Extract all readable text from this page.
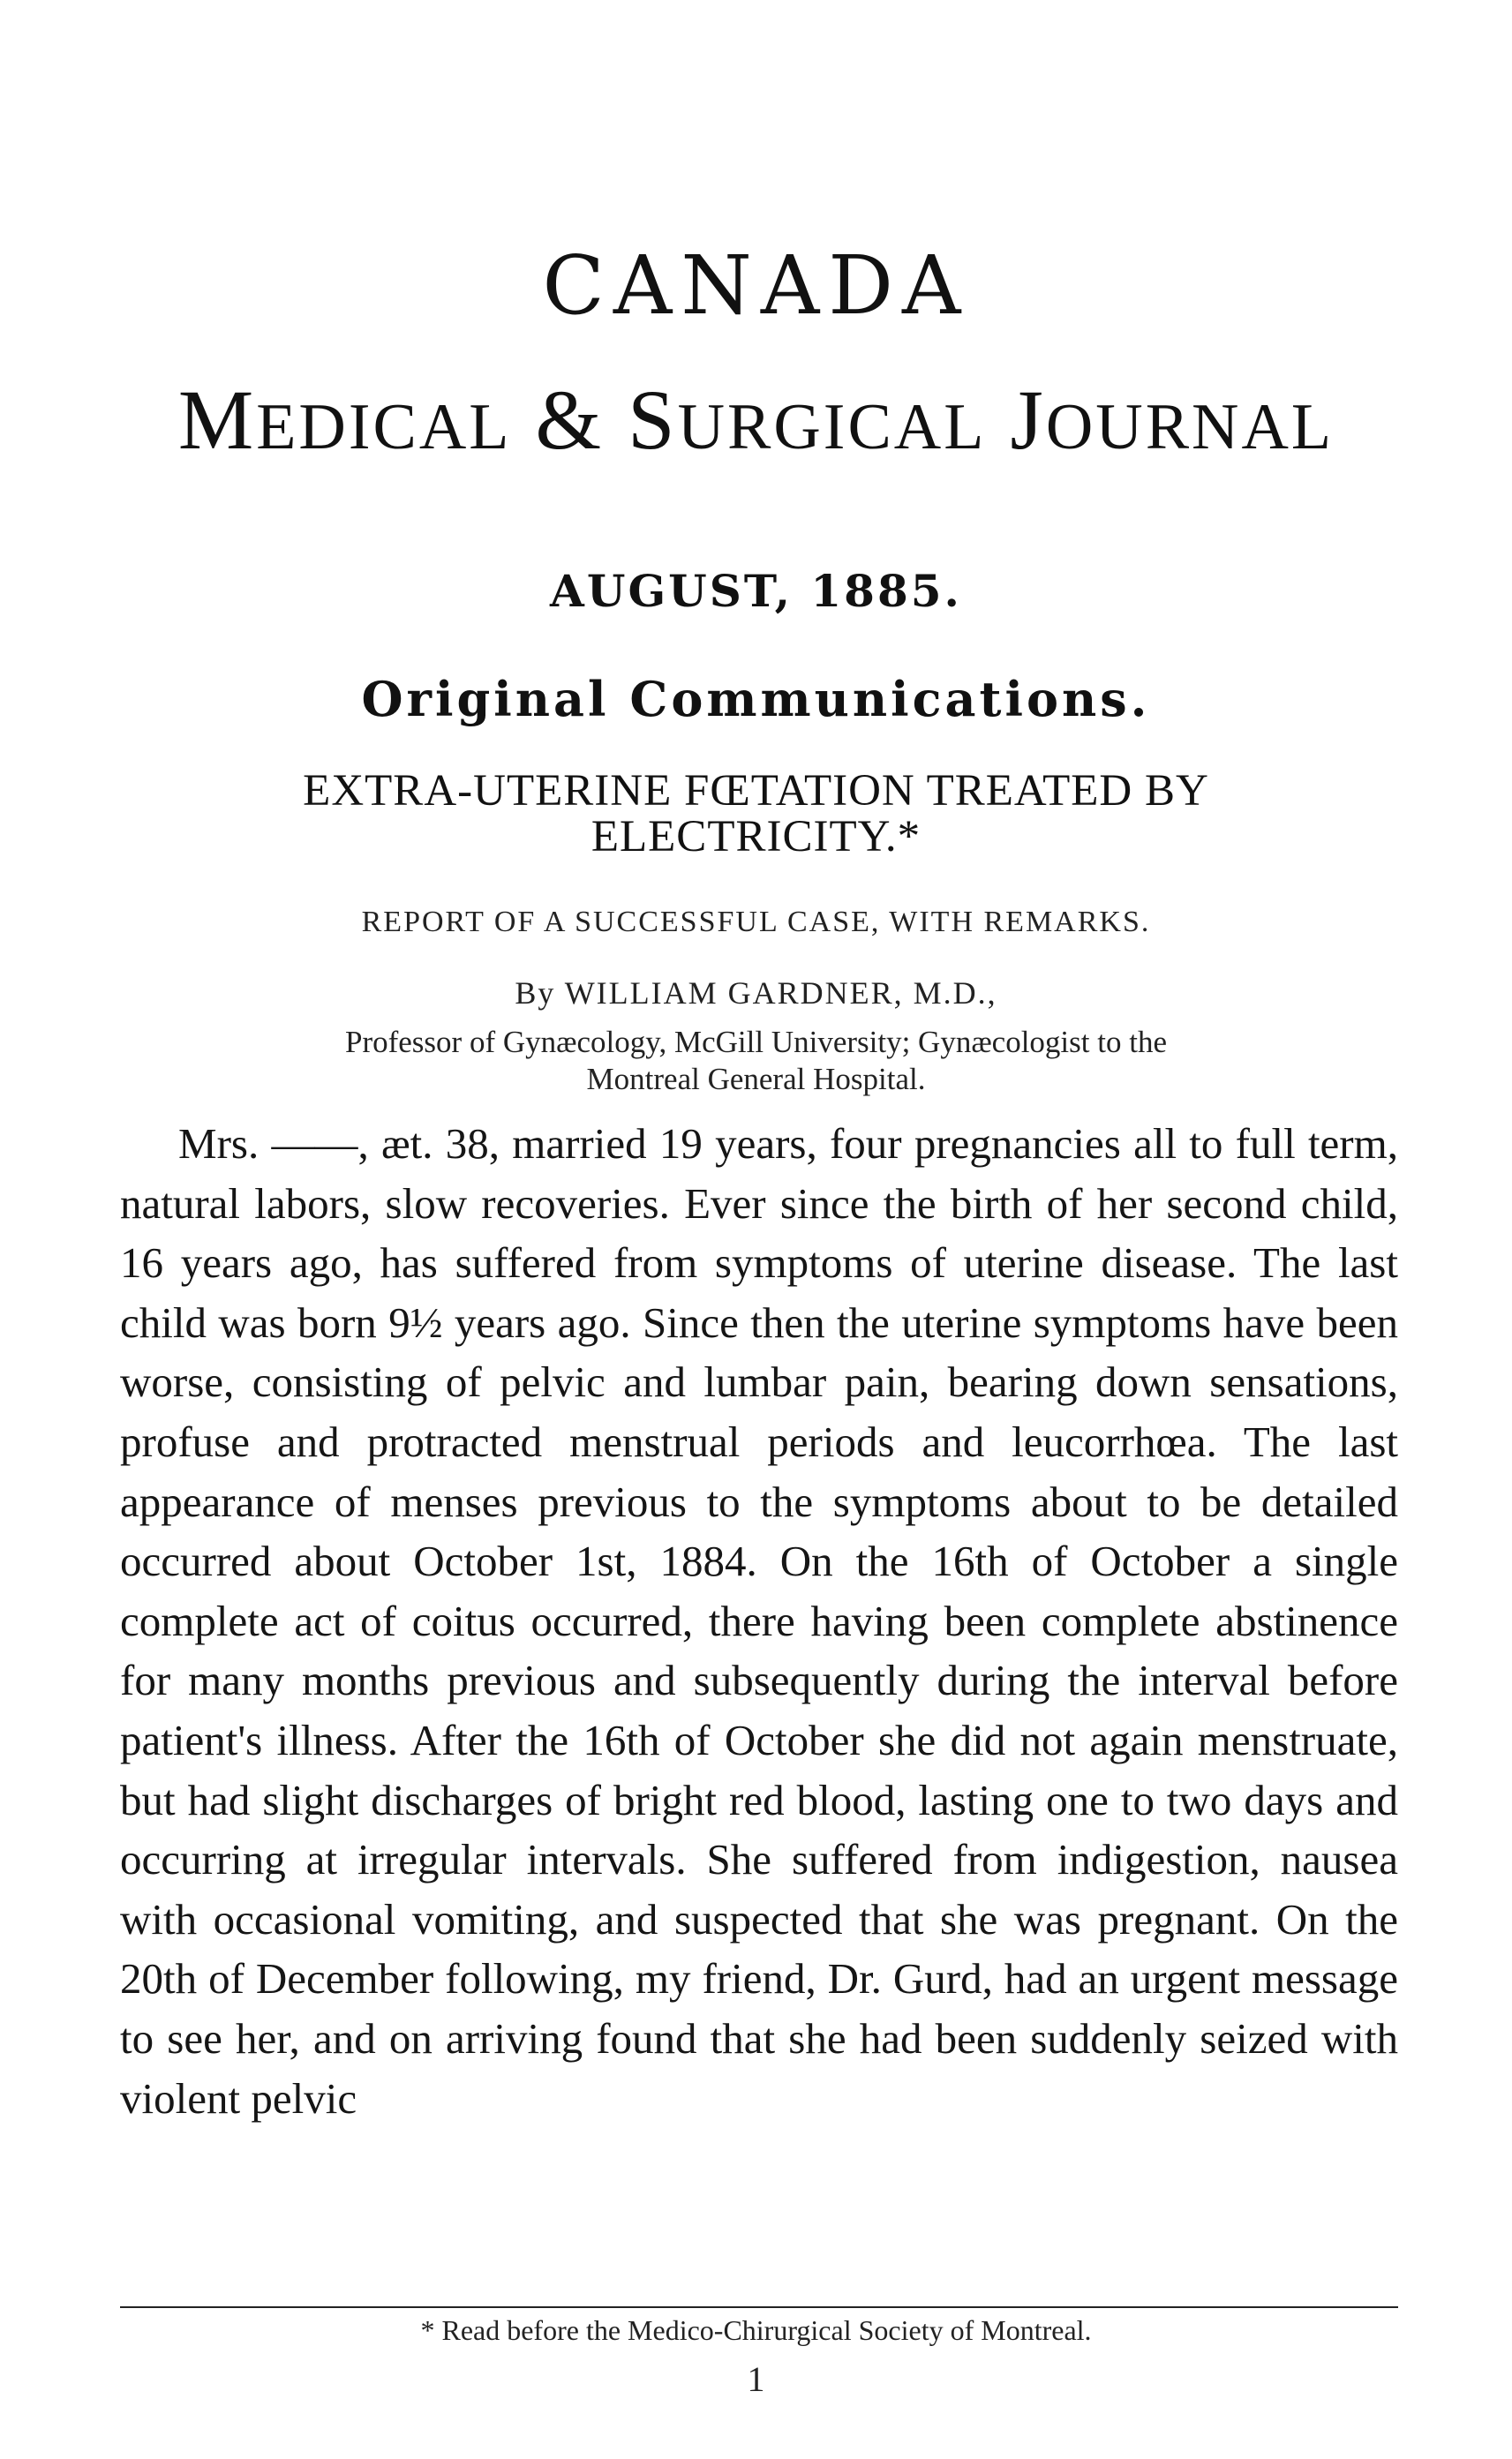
CANADA
MEDICAL & SURGICAL JOURNAL
AUGUST, 1885.
Original Communications.
EXTRA-UTERINE FŒTATION TREATED BY
ELECTRICITY.*
REPORT OF A SUCCESSFUL CASE, WITH REMARKS.
By WILLIAM GARDNER, M.D.,
Professor of Gynæcology, McGill University; Gynæcologist to the
Montreal General Hospital.

Mrs. ——, æt. 38, married 19 years, four pregnancies all to full term, natural labors, slow recoveries. Ever since the birth of her second child, 16 years ago, has suffered from symptoms of uterine disease. The last child was born 9½ years ago. Since then the uterine symptoms have been worse, consisting of pelvic and lumbar pain, bearing down sensations, profuse and protracted menstrual periods and leucorrhœa. The last appearance of menses previous to the symptoms about to be detailed occurred about October 1st, 1884. On the 16th of October a single complete act of coitus occurred, there having been complete abstinence for many months previous and subsequently during the interval before patient's illness. After the 16th of October she did not again menstruate, but had slight discharges of bright red blood, lasting one to two days and occurring at irregular intervals. She suffered from indigestion, nausea with occasional vomiting, and suspected that she was pregnant. On the 20th of December following, my friend, Dr. Gurd, had an urgent message to see her, and on arriving found that she had been suddenly seized with violent pelvic

* Read before the Medico-Chirurgical Society of Montreal.
1
